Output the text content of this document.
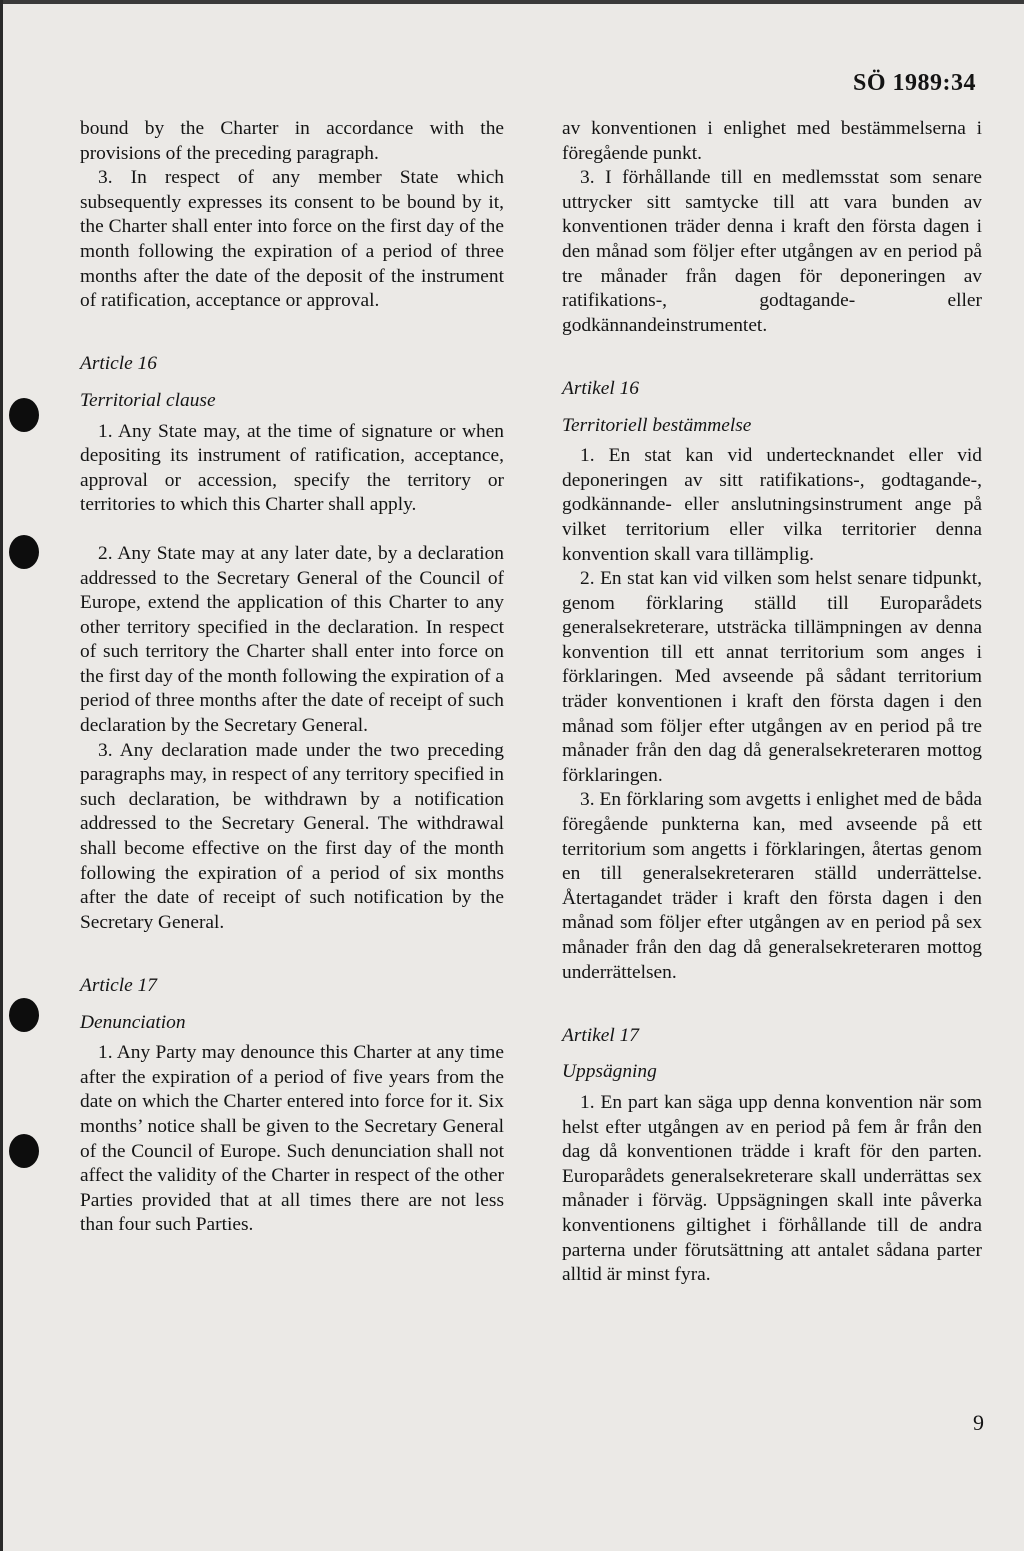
SÖ 1989:34

bound by the Charter in accordance with the provisions of the preceding paragraph.

3. In respect of any member State which subsequently expresses its consent to be bound by it, the Charter shall enter into force on the first day of the month following the expiration of a period of three months after the date of the deposit of the instrument of ratification, acceptance or approval.

Article 16

Territorial clause

1. Any State may, at the time of signature or when depositing its instrument of ratification, acceptance, approval or accession, specify the territory or territories to which this Charter shall apply.

2. Any State may at any later date, by a declaration addressed to the Secretary General of the Council of Europe, extend the application of this Charter to any other territory specified in the declaration. In respect of such territory the Charter shall enter into force on the first day of the month following the expiration of a period of three months after the date of receipt of such declaration by the Secretary General.

3. Any declaration made under the two preceding paragraphs may, in respect of any territory specified in such declaration, be withdrawn by a notification addressed to the Secretary General. The withdrawal shall become effective on the first day of the month following the expiration of a period of six months after the date of receipt of such notification by the Secretary General.

Article 17

Denunciation

1. Any Party may denounce this Charter at any time after the expiration of a period of five years from the date on which the Charter entered into force for it. Six months’ notice shall be given to the Secretary General of the Council of Europe. Such denunciation shall not affect the validity of the Charter in respect of the other Parties provided that at all times there are not less than four such Parties.

av konventionen i enlighet med bestämmelserna i föregående punkt.

3. I förhållande till en medlemsstat som senare uttrycker sitt samtycke till att vara bunden av konventionen träder denna i kraft den första dagen i den månad som följer efter utgången av en period på tre månader från dagen för deponeringen av ratifikations-, godtagande- eller godkännandeinstrumentet.

Artikel 16

Territoriell bestämmelse

1. En stat kan vid undertecknandet eller vid deponeringen av sitt ratifikations-, godtagande-, godkännande- eller anslutningsinstrument ange på vilket territorium eller vilka territorier denna konvention skall vara tillämplig.

2. En stat kan vid vilken som helst senare tidpunkt, genom förklaring ställd till Europarådets generalsekreterare, utsträcka tillämpningen av denna konvention till ett annat territorium som anges i förklaringen. Med avseende på sådant territorium träder konventionen i kraft den första dagen i den månad som följer efter utgången av en period på tre månader från den dag då generalsekreteraren mottog förklaringen.

3. En förklaring som avgetts i enlighet med de båda föregående punkterna kan, med avseende på ett territorium som angetts i förklaringen, återtas genom en till generalsekreteraren ställd underrättelse. Återtagandet träder i kraft den första dagen i den månad som följer efter utgången av en period på sex månader från den dag då generalsekreteraren mottog underrättelsen.

Artikel 17

Uppsägning

1. En part kan säga upp denna konvention när som helst efter utgången av en period på fem år från den dag då konventionen trädde i kraft för den parten. Europarådets generalsekreterare skall underrättas sex månader i förväg. Uppsägningen skall inte påverka konventionens giltighet i förhållande till de andra parterna under förutsättning att antalet sådana parter alltid är minst fyra.

9
